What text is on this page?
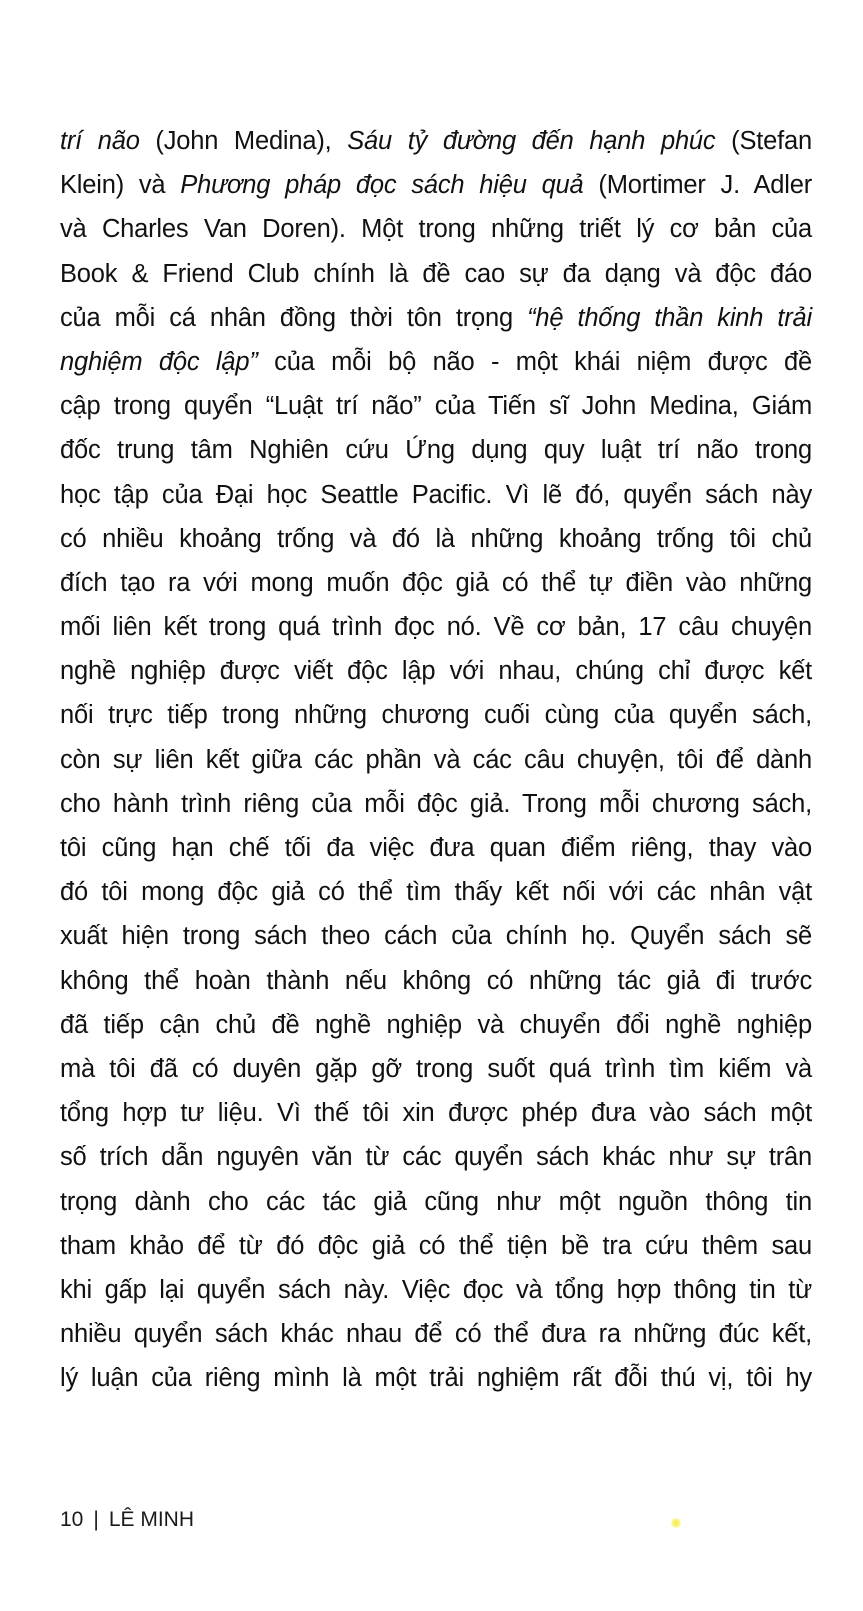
trí não (John Medina), Sáu tỷ đường đến hạnh phúc (Stefan
Klein) và Phương pháp đọc sách hiệu quả (Mortimer J. Adler
và Charles Van Doren). Một trong những triết lý cơ bản của
Book & Friend Club chính là đề cao sự đa dạng và độc đáo
của mỗi cá nhân đồng thời tôn trọng “hệ thống thần kinh trải
nghiệm độc lập” của mỗi bộ não - một khái niệm được đề
cập trong quyển “Luật trí não” của Tiến sĩ John Medina, Giám
đốc trung tâm Nghiên cứu Ứng dụng quy luật trí não trong
học tập của Đại học Seattle Pacific. Vì lẽ đó, quyển sách này
có nhiều khoảng trống và đó là những khoảng trống tôi chủ
đích tạo ra với mong muốn độc giả có thể tự điền vào những
mối liên kết trong quá trình đọc nó. Về cơ bản, 17 câu chuyện
nghề nghiệp được viết độc lập với nhau, chúng chỉ được kết
nối trực tiếp trong những chương cuối cùng của quyển sách,
còn sự liên kết giữa các phần và các câu chuyện, tôi để dành
cho hành trình riêng của mỗi độc giả. Trong mỗi chương sách,
tôi cũng hạn chế tối đa việc đưa quan điểm riêng, thay vào
đó tôi mong độc giả có thể tìm thấy kết nối với các nhân vật
xuất hiện trong sách theo cách của chính họ. Quyển sách sẽ
không thể hoàn thành nếu không có những tác giả đi trước
đã tiếp cận chủ đề nghề nghiệp và chuyển đổi nghề nghiệp
mà tôi đã có duyên gặp gỡ trong suốt quá trình tìm kiếm và
tổng hợp tư liệu. Vì thế tôi xin được phép đưa vào sách một
số trích dẫn nguyên văn từ các quyển sách khác như sự trân
trọng dành cho các tác giả cũng như một nguồn thông tin
tham khảo để từ đó độc giả có thể tiện bề tra cứu thêm sau
khi gấp lại quyển sách này. Việc đọc và tổng hợp thông tin từ
nhiều quyển sách khác nhau để có thể đưa ra những đúc kết,
lý luận của riêng mình là một trải nghiệm rất đỗi thú vị, tôi hy
10 | LÊ MINH
